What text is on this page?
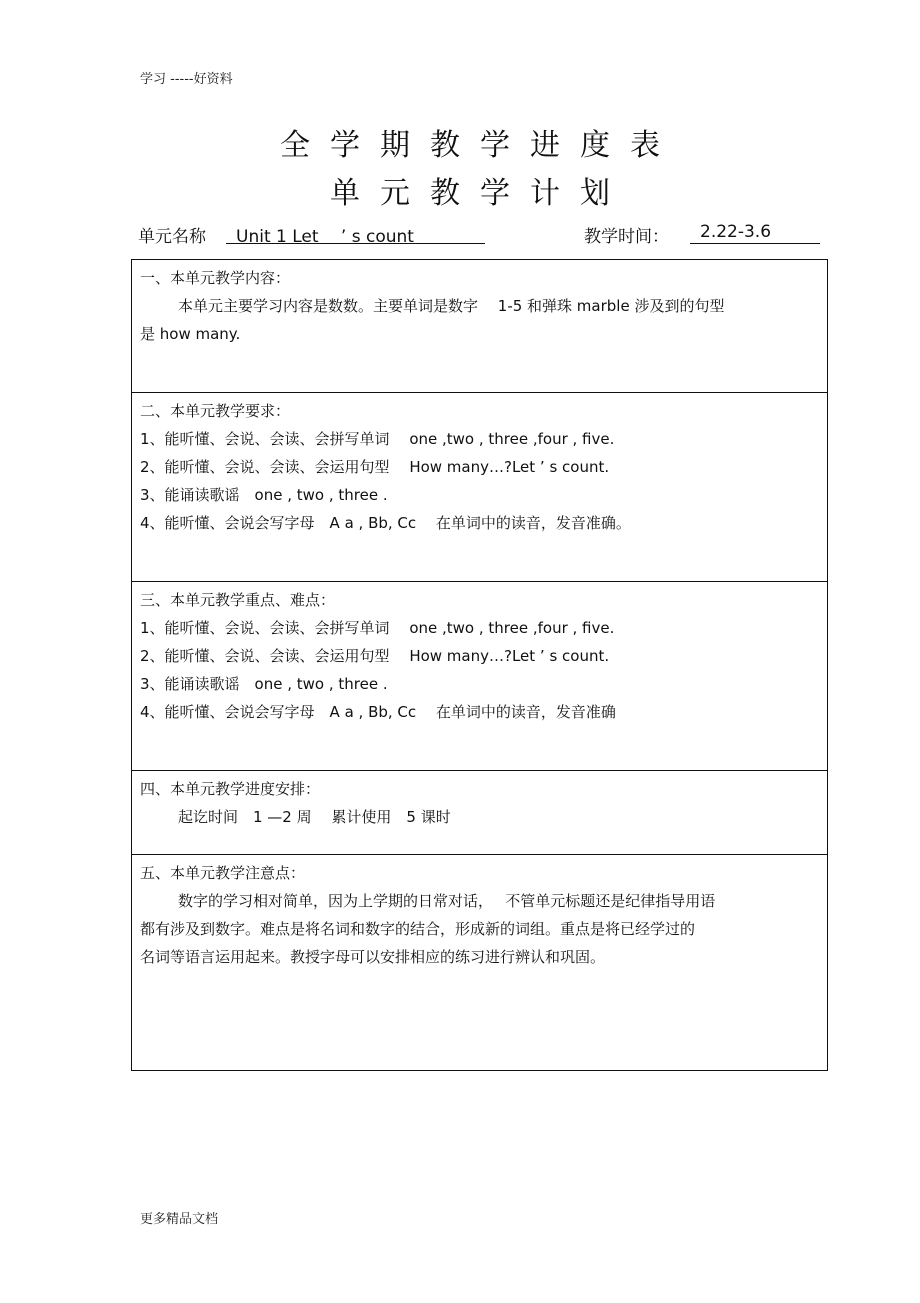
学习 -----好资料
全学期教学进度表
单元教学计划
单元名称	Unit 1 Let　 ’ s count	教学时间：	2.22-3.6
一、本单元教学内容：
本单元主要学习内容是数数。主要单词是数字　 1-5 和弹珠 marble 涉及到的句型
是 how many.
二、本单元教学要求：
1、能听懂、会说、会读、会拼写单词　 one ,two , three ,four , five.
2、能听懂、会说、会读、会运用句型　 How many…?Let ’ s count.
3、能诵读歌谣　one , two , three .
4、能听懂、会说会写字母　A a , Bb, Cc　 在单词中的读音，发音准确。
三、本单元教学重点、难点：
1、能听懂、会说、会读、会拼写单词　 one ,two , three ,four , five.
2、能听懂、会说、会读、会运用句型　 How many…?Let ’ s count.
3、能诵读歌谣　one , two , three .
4、能听懂、会说会写字母　A a , Bb, Cc　 在单词中的读音，发音准确
四、本单元教学进度安排：
起讫时间　1 —2 周　 累计使用　5 课时
五、本单元教学注意点：
数字的学习相对简单，因为上学期的日常对话，　 不管单元标题还是纪律指导用语
都有涉及到数字。难点是将名词和数字的结合，形成新的词组。重点是将已经学过的
名词等语言运用起来。教授字母可以安排相应的练习进行辨认和巩固。
更多精品文档
